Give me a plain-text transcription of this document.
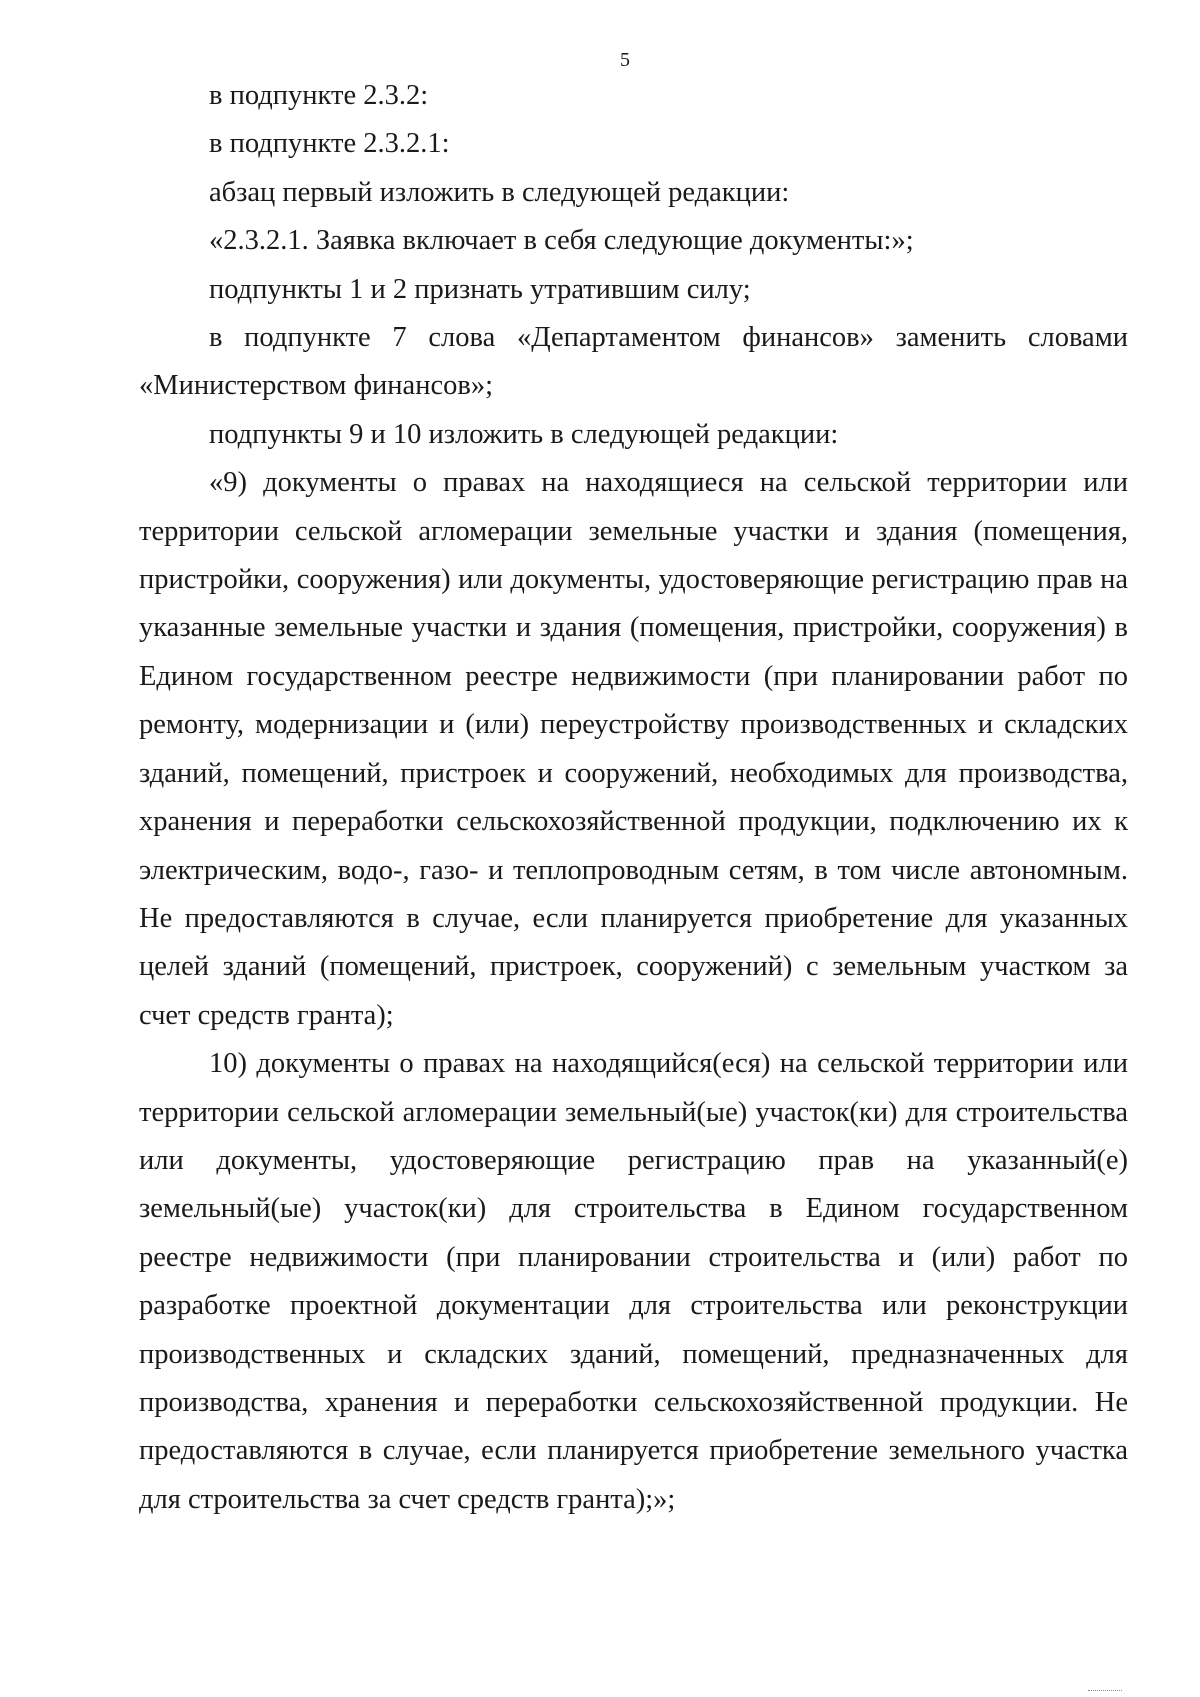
5

в подпункте 2.3.2:

в подпункте 2.3.2.1:

абзац первый изложить в следующей редакции:

«2.3.2.1. Заявка включает в себя следующие документы:»;

подпункты 1 и 2 признать утратившим силу;

в подпункте 7 слова «Департаментом финансов» заменить словами «Министерством финансов»;

подпункты 9 и 10 изложить в следующей редакции:

«9) документы о правах на находящиеся на сельской территории или территории сельской агломерации земельные участки и здания (помещения, пристройки, сооружения) или документы, удостоверяющие регистрацию прав на указанные земельные участки и здания (помещения, пристройки, сооружения) в Едином государственном реестре недвижимости (при планировании работ по ремонту, модернизации и (или) переустройству производственных и складских зданий, помещений, пристроек и сооружений, необходимых для производства, хранения и переработки сельскохозяйственной продукции, подключению их к электрическим, водо-, газо- и теплопроводным сетям, в том числе автономным. Не предоставляются в случае, если планируется приобретение для указанных целей зданий (помещений, пристроек, сооружений) с земельным участком за счет средств гранта);

10) документы о правах на находящийся(еся) на сельской территории или территории сельской агломерации земельный(ые) участок(ки) для строительства или документы, удостоверяющие регистрацию прав на указанный(е) земельный(ые) участок(ки) для строительства в Едином государственном реестре недвижимости (при планировании строительства и (или) работ по разработке проектной документации для строительства или реконструкции производственных и складских зданий, помещений, предназначенных для производства, хранения и переработки сельскохозяйственной продукции. Не предоставляются в случае, если планируется приобретение земельного участка для строительства за счет средств гранта);»;
